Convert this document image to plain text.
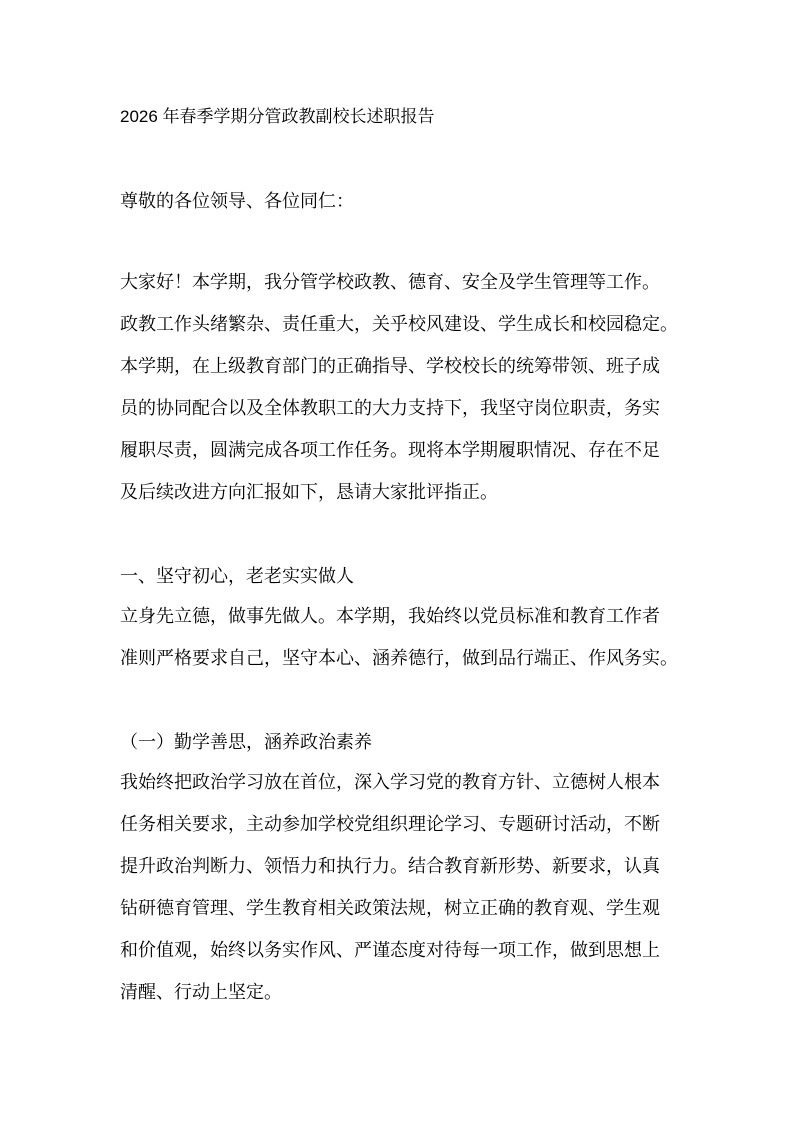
2026 年春季学期分管政教副校长述职报告

尊敬的各位领导、各位同仁：

大家好！本学期，我分管学校政教、德育、安全及学生管理等工作。

政教工作头绪繁杂、责任重大，关乎校风建设、学生成长和校园稳定。

本学期，在上级教育部门的正确指导、学校校长的统筹带领、班子成

员的协同配合以及全体教职工的大力支持下，我坚守岗位职责，务实

履职尽责，圆满完成各项工作任务。现将本学期履职情况、存在不足

及后续改进方向汇报如下，恳请大家批评指正。

一、坚守初心，老老实实做人

立身先立德，做事先做人。本学期，我始终以党员标准和教育工作者

准则严格要求自己，坚守本心、涵养德行，做到品行端正、作风务实。

（一）勤学善思，涵养政治素养

我始终把政治学习放在首位，深入学习党的教育方针、立德树人根本

任务相关要求，主动参加学校党组织理论学习、专题研讨活动，不断

提升政治判断力、领悟力和执行力。结合教育新形势、新要求，认真

钻研德育管理、学生教育相关政策法规，树立正确的教育观、学生观

和价值观，始终以务实作风、严谨态度对待每一项工作，做到思想上

清醒、行动上坚定。
